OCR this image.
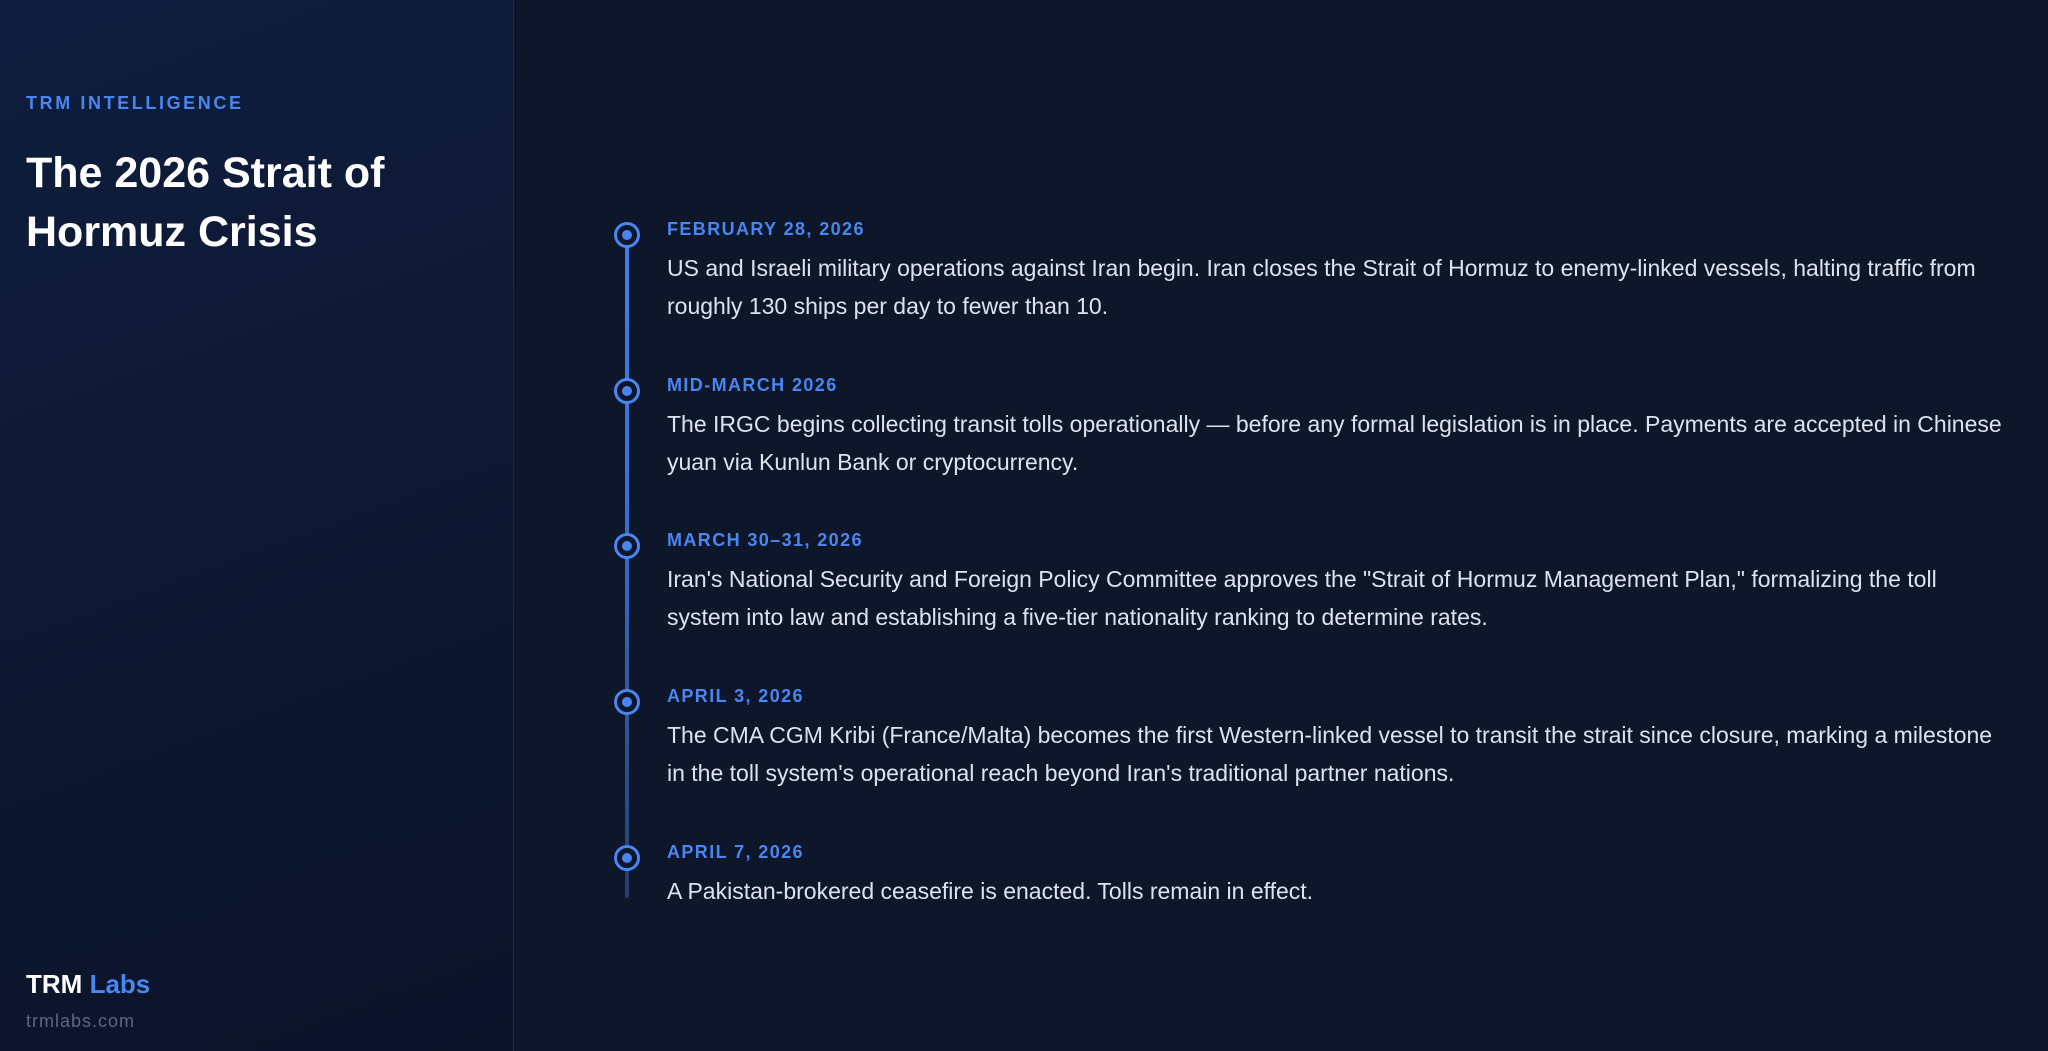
TRM INTELLIGENCE
The 2026 Strait of Hormuz Crisis
TRM Labs
trmlabs.com
FEBRUARY 28, 2026

US and Israeli military operations against Iran begin. Iran closes the Strait of Hormuz to enemy-linked vessels, halting traffic from roughly 130 ships per day to fewer than 10.

MID-MARCH 2026

The IRGC begins collecting transit tolls operationally — before any formal legislation is in place. Payments are accepted in Chinese yuan via Kunlun Bank or cryptocurrency.

MARCH 30–31, 2026

Iran's National Security and Foreign Policy Committee approves the "Strait of Hormuz Management Plan," formalizing the toll system into law and establishing a five-tier nationality ranking to determine rates.

APRIL 3, 2026

The CMA CGM Kribi (France/Malta) becomes the first Western-linked vessel to transit the strait since closure, marking a milestone in the toll system's operational reach beyond Iran's traditional partner nations.

APRIL 7, 2026

A Pakistan-brokered ceasefire is enacted. Tolls remain in effect.
